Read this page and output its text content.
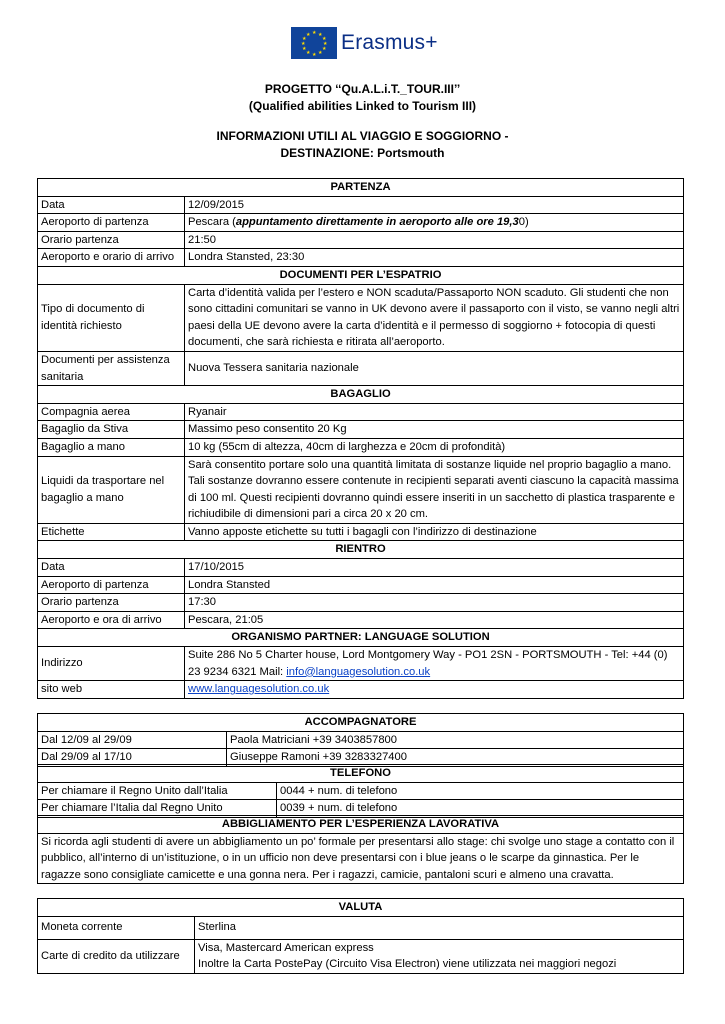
★ ★
★
★
★
★
★
★
★
★
★
★ Erasmus+
PROGETTO ‘‘Qu.A.L.i.T._TOUR.III’’
(Qualified abilities Linked to Tourism III)
INFORMAZIONI UTILI AL VIAGGIO E SOGGIORNO -
DESTINAZIONE: Portsmouth
PARTENZA	
Data	12/09/2015
Aeroporto di partenza	Pescara (appuntamento direttamente in aeroporto alle ore 19,30)
Orario partenza	21:50
Aeroporto e orario di arrivo	Londra Stansted, 23:30
DOCUMENTI PER L’ESPATRIO	
Tipo di documento di identità richiesto	Carta d’identità valida per l’estero e NON scaduta/Passaporto NON scaduto. Gli studenti che non sono cittadini comunitari se vanno in UK devono avere il passaporto con il visto, se vanno negli altri paesi della UE devono avere la carta d’identità e il permesso di soggiorno + fotocopia di questi documenti, che sarà richiesta e ritirata all’aeroporto.
Documenti per assistenza sanitaria	Nuova Tessera sanitaria nazionale
BAGAGLIO	
Compagnia aerea	Ryanair
Bagaglio da Stiva	Massimo peso consentito 20 Kg
Bagaglio a mano	10 kg (55cm di altezza, 40cm di larghezza e 20cm di profondità)
Liquidi da trasportare nel bagaglio a mano	Sarà consentito portare solo una quantità limitata di sostanze liquide nel proprio bagaglio a mano. Tali sostanze dovranno essere contenute in recipienti separati aventi ciascuno la capacità massima di 100 ml. Questi recipienti dovranno quindi essere inseriti in un sacchetto di plastica trasparente e richiudibile di dimensioni pari a circa 20 x 20 cm.
Etichette	Vanno apposte etichette su tutti i bagagli con l’indirizzo di destinazione
RIENTRO	
Data	17/10/2015
Aeroporto di partenza	Londra Stansted
Orario partenza	17:30
Aeroporto e ora di arrivo	Pescara, 21:05
ORGANISMO PARTNER: LANGUAGE SOLUTION	
Indirizzo	Suite 286 No 5 Charter house, Lord Montgomery Way - PO1 2SN - PORTSMOUTH - Tel: +44 (0) 23 9234 6321 Mail: info@languagesolution.co.uk
sito web	www.languagesolution.co.uk
ACCOMPAGNATORE	
Dal 12/09 al 29/09	Paola Matriciani +39 3403857800
Dal 29/09 al 17/10	Giuseppe Ramoni +39 3283327400
TELEFONO	
Per chiamare il Regno Unito dall’Italia	0044 + num. di telefono
Per chiamare l’Italia dal Regno Unito	0039 + num. di telefono
ABBIGLIAMENTO PER L’ESPERIENZA LAVORATIVA
Si ricorda agli studenti di avere un abbigliamento un po’ formale per presentarsi allo stage: chi svolge uno stage a contatto con il pubblico, all’interno di un’istituzione, o in un ufficio non deve presentarsi con i blue jeans o le scarpe da ginnastica. Per le ragazze sono consigliate camicette e una gonna nera. Per i ragazzi, camicie, pantaloni scuri e almeno una cravatta.
VALUTA	
Moneta corrente	Sterlina
Carte di credito da utilizzare	Visa, Mastercard American express
Inoltre la Carta PostePay (Circuito Visa Electron) viene utilizzata nei maggiori negozi
